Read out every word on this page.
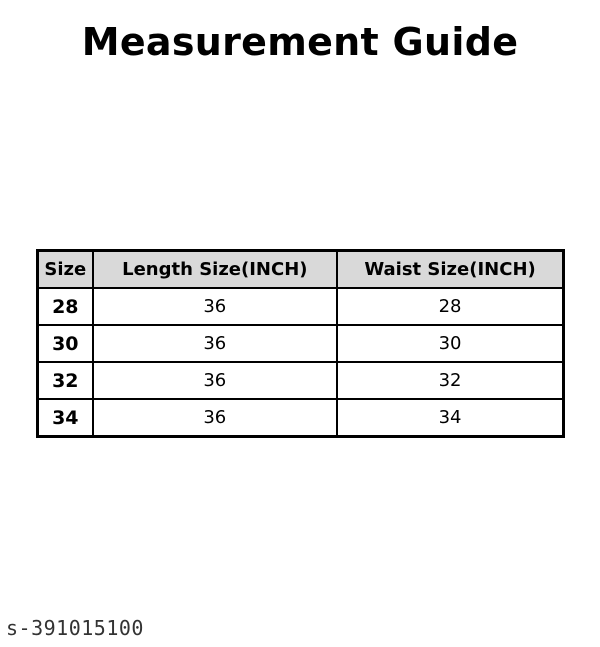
Measurement Guide
Size	Length Size(INCH)	Waist Size(INCH)
28	36	28
30	36	30
32	36	32
34	36	34
s-391015100
